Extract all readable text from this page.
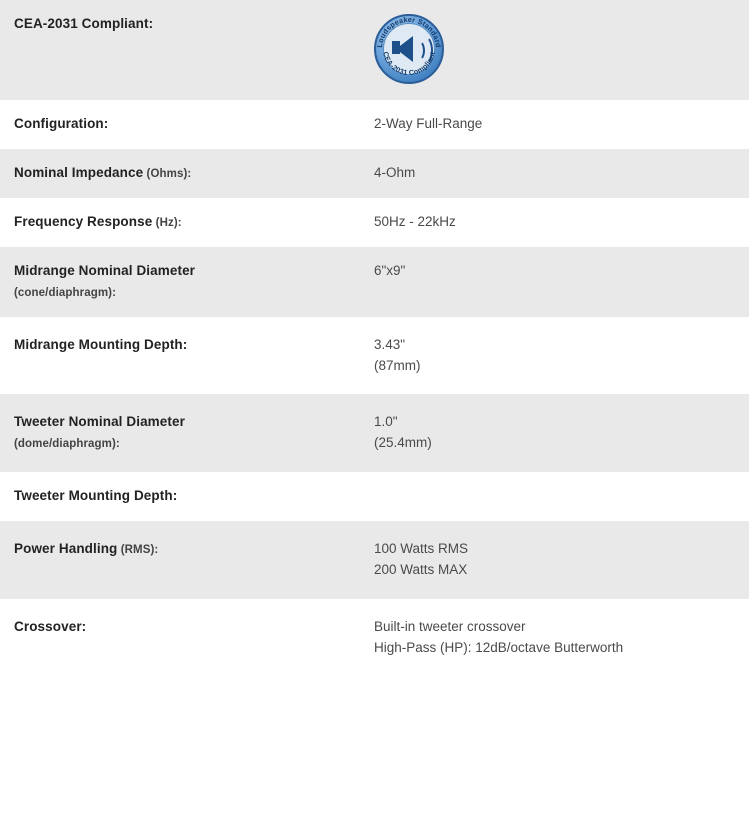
CEA-2031 Compliant:	Loudspeaker Standard
CEA-2031 Compliant

Configuration:	2-Way Full-Range

Nominal Impedance (Ohms):	4-Ohm

Frequency Response (Hz):	50Hz - 22kHz

Midrange Nominal Diameter
(cone/diaphragm):	6"x9"

Midrange Mounting Depth:	3.43"
(87mm)

Tweeter Nominal Diameter
(dome/diaphragm):	1.0"
(25.4mm)

Tweeter Mounting Depth:	

Power Handling (RMS):	100 Watts RMS
200 Watts MAX

Crossover:	Built-in tweeter crossover
High-Pass (HP): 12dB/octave Butterworth
